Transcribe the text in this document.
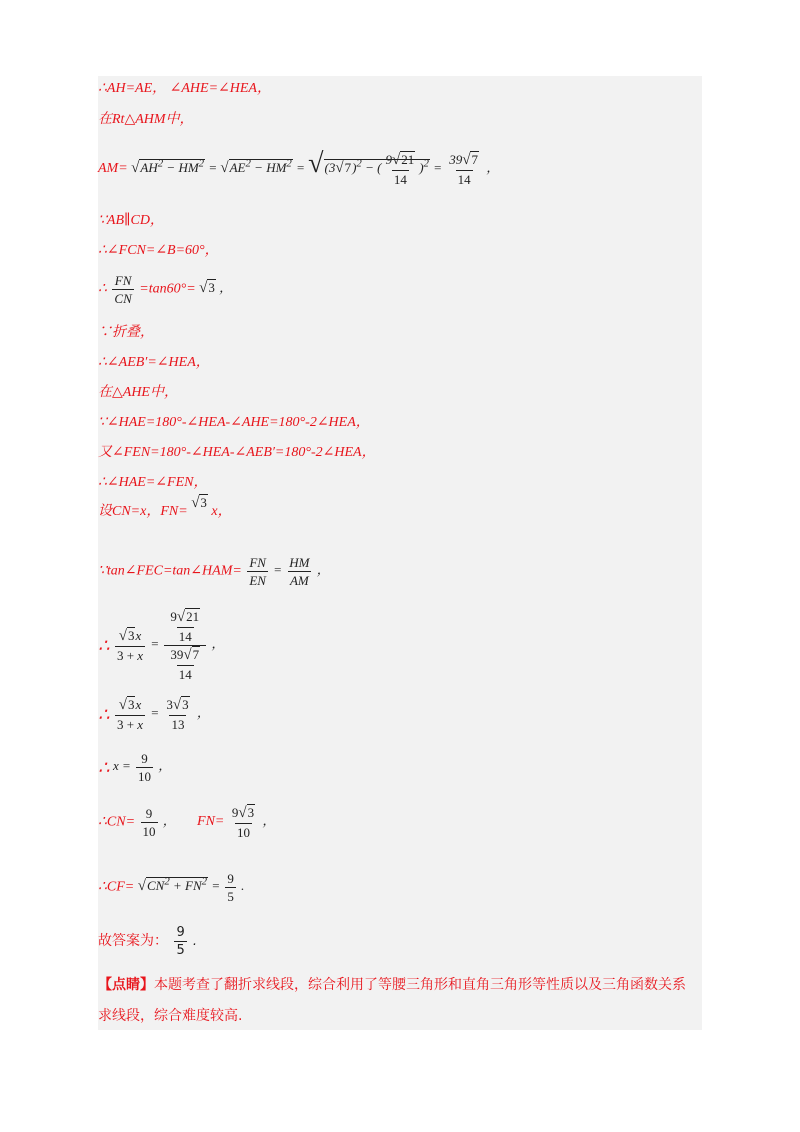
∴AH=AE， ∠AHE=∠HEA，
在Rt△AHM中，
$AM= √AH^2 - HM^2 = √AE^2 - HM^2 = √(3√7)^2$ − ( $\frac{9√21}{14} )^2 = \frac{39√7}{14}$ ，
∵AB∥CD，
∴∠FCN=∠B=60°，
∴ $\frac{FN}{CN} =\tan 60^\circ= √3$ ，
∵折叠，
∴∠AEB′=∠HEA，
在△AHE中，
∵∠HAE=180°-∠HEA-∠AHE=180°-2∠HEA，
又∠FEN=180°-∠HEA-∠AEB′=180°-2∠HEA，
∴∠HAE=∠FEN，
设CN=x，FN= √3 x，
∵tan∠FEC=tan∠HAM= $\frac{FN}{EN} = \frac{HM}{AM}$ ，
∴ $\frac{√3x}{3 + x} = \frac{\frac{9√21}{14}}{\frac{39√7}{14}}$ ，
∴ $\frac{√3x}{3 + x} = \frac{3√3}{13}$ ，
∴ $x = \frac{9}{10}$ ，
∴CN= $\frac{9}{10}$ ， $FN= \frac{9√3}{10}$ ，
∴CF= $√CN^2 + FN^2 = \frac{9}{5}$ .
故答案为： $\frac{9}{5}$ .
【点睛】本题考查了翻折求线段，综合利用了等腰三角形和直角三角形等性质以及三角函数关系求线段，综合难度较高.
